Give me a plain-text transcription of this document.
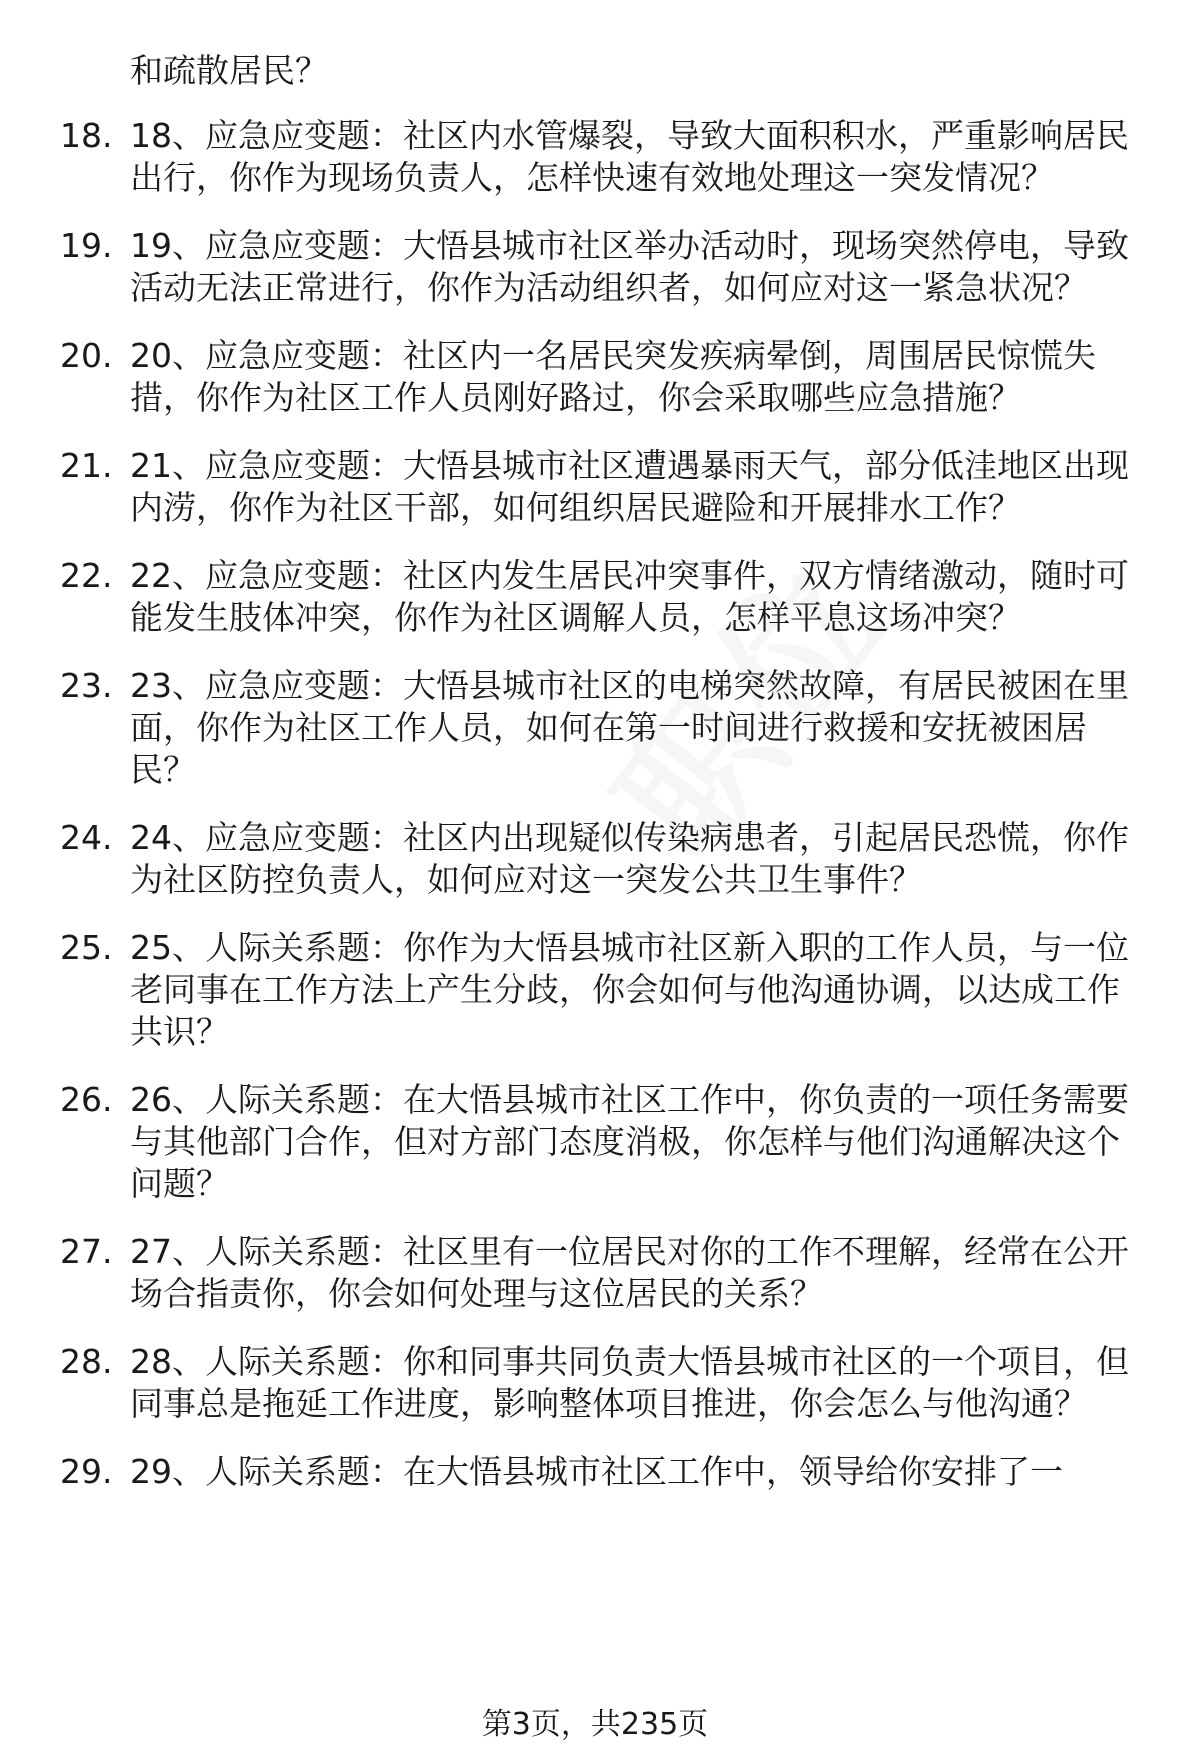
和疏散居民？
18. 18、应急应变题：社区内水管爆裂，导致大面积积水，严重影响居民出行，你作为现场负责人，怎样快速有效地处理这一突发情况？
19. 19、应急应变题：大悟县城市社区举办活动时，现场突然停电，导致活动无法正常进行，你作为活动组织者，如何应对这一紧急状况？
20. 20、应急应变题：社区内一名居民突发疾病晕倒，周围居民惊慌失措，你作为社区工作人员刚好路过，你会采取哪些应急措施？
21. 21、应急应变题：大悟县城市社区遭遇暴雨天气，部分低洼地区出现内涝，你作为社区干部，如何组织居民避险和开展排水工作？
22. 22、应急应变题：社区内发生居民冲突事件，双方情绪激动，随时可能发生肢体冲突，你作为社区调解人员，怎样平息这场冲突？
23. 23、应急应变题：大悟县城市社区的电梯突然故障，有居民被困在里面，你作为社区工作人员，如何在第一时间进行救援和安抚被困居民？
24. 24、应急应变题：社区内出现疑似传染病患者，引起居民恐慌，你作为社区防控负责人，如何应对这一突发公共卫生事件？
25. 25、人际关系题：你作为大悟县城市社区新入职的工作人员，与一位老同事在工作方法上产生分歧，你会如何与他沟通协调，以达成工作共识？
26. 26、人际关系题：在大悟县城市社区工作中，你负责的一项任务需要与其他部门合作，但对方部门态度消极，你怎样与他们沟通解决这个问题？
27. 27、人际关系题：社区里有一位居民对你的工作不理解，经常在公开场合指责你，你会如何处理与这位居民的关系？
28. 28、人际关系题：你和同事共同负责大悟县城市社区的一个项目，但同事总是拖延工作进度，影响整体项目推进，你会怎么与他沟通？
29. 29、人际关系题：在大悟县城市社区工作中，领导给你安排了一
第3页，共235页
